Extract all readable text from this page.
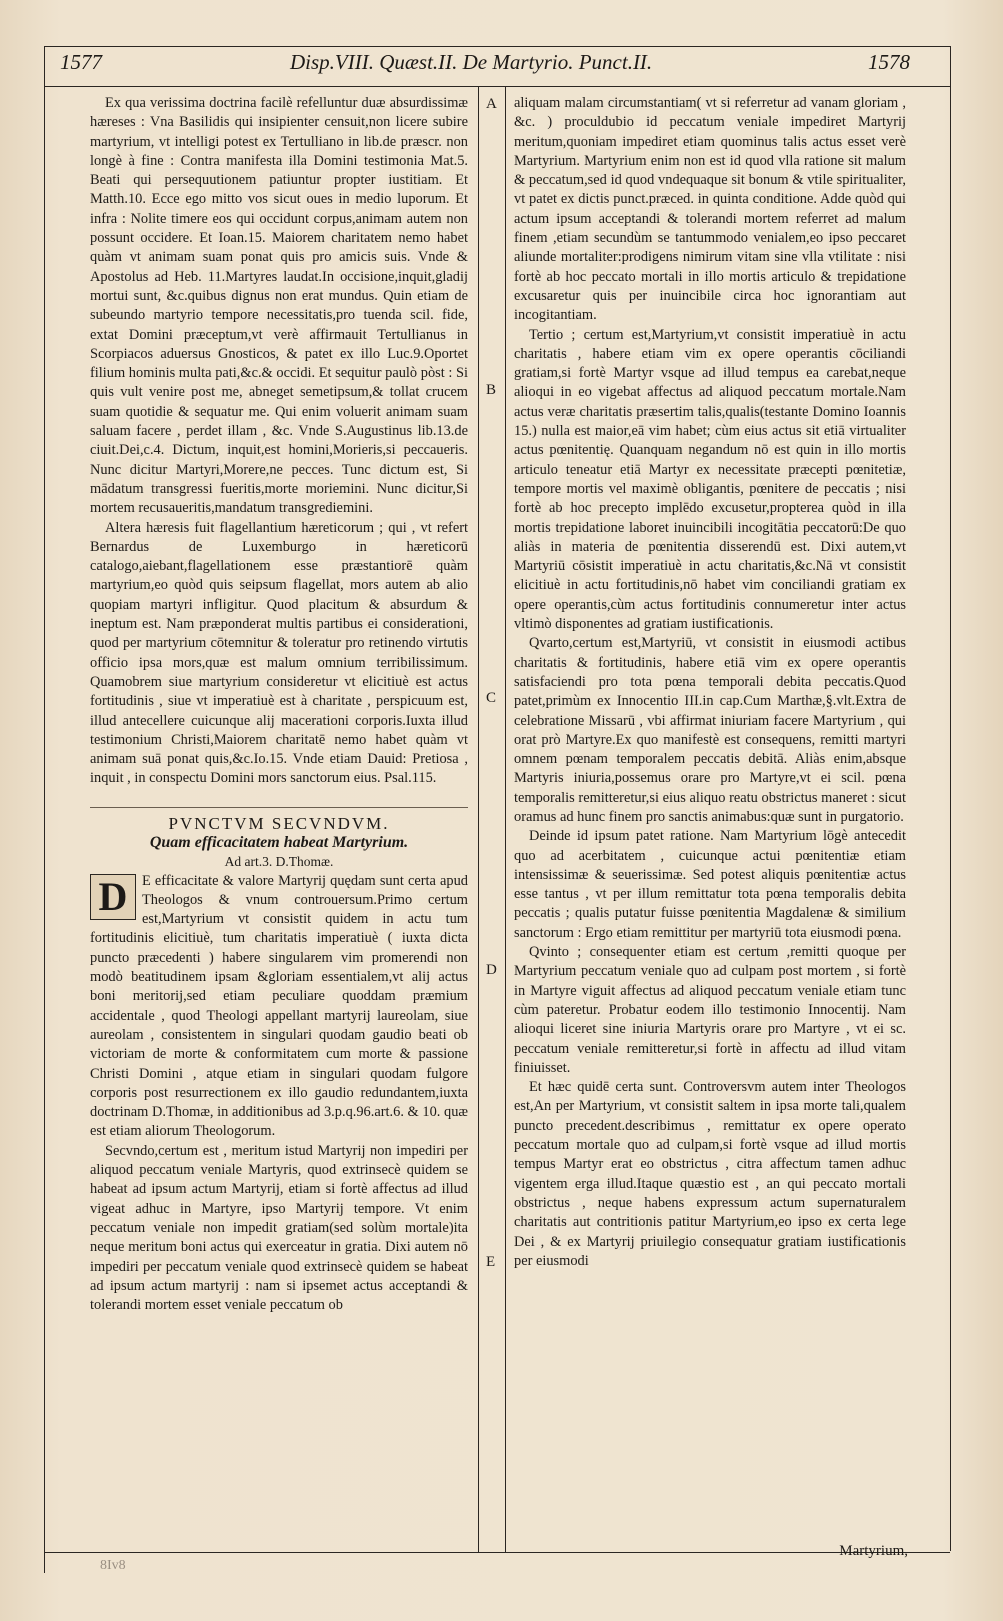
1577	Disp.VIII. Quæst.II. De Martyrio. Punct.II.	1578
A
B
C
D
E

Ex qua verissima doctrina facilè refelluntur duæ absurdissimæ hæreses : Vna Basilidis qui insipienter censuit,non licere subire martyrium, vt intelligi potest ex Tertulliano in lib.de præscr. non longè à fine : Contra manifesta illa Domini testimonia Mat.5. Beati qui persequutionem patiuntur propter iustitiam. Et Matth.10. Ecce ego mitto vos sicut oues in medio luporum. Et infra : Nolite timere eos qui occidunt corpus,animam autem non possunt occidere. Et Ioan.15. Maiorem charitatem nemo habet quàm vt animam suam ponat quis pro amicis suis. Vnde & Apostolus ad Heb. 11.Martyres laudat.In occisione,inquit,gladij mortui sunt, &c.quibus dignus non erat mundus. Quin etiam de subeundo martyrio tempore necessitatis,pro tuenda scil. fide, extat Domini præceptum,vt verè affirmauit Tertullianus in Scorpiacos aduersus Gnosticos, & patet ex illo Luc.9.Oportet filium hominis multa pati,&c.& occidi. Et sequitur paulò pòst : Si quis vult venire post me, abneget semetipsum,& tollat crucem suam quotidie & sequatur me. Qui enim voluerit animam suam saluam facere , perdet illam , &c. Vnde S.Augustinus lib.13.de ciuit.Dei,c.4. Dictum, inquit,est homini,Morieris,si peccaueris. Nunc dicitur Martyri,Morere,ne pecces. Tunc dictum est, Si mādatum transgressi fueritis,morte moriemini. Nunc dicitur,Si mortem recusaueritis,mandatum transgrediemini.

Altera hæresis fuit flagellantium hæreticorum ; qui , vt refert Bernardus de Luxemburgo in hæreticorū catalogo,aiebant,flagellationem esse præstantiorē quàm martyrium,eo quòd quis seipsum flagellat, mors autem ab alio quopiam martyri infligitur. Quod placitum & absurdum & ineptum est. Nam præponderat multis partibus ei considerationi, quod per martyrium cōtemnitur & toleratur pro retinendo virtutis officio ipsa mors,quæ est malum omnium terribilissimum. Quamobrem siue martyrium consideretur vt elicitiuè est actus fortitudinis , siue vt imperatiuè est à charitate , perspicuum est, illud antecellere cuicunque alij macerationi corporis.Iuxta illud testimonium Christi,Maiorem charitatē nemo habet quàm vt animam suā ponat quis,&c.Io.15. Vnde etiam Dauid: Pretiosa , inquit , in conspectu Domini mors sanctorum eius. Psal.115.

PVNCTVM SECVNDVM.

Quam efficacitatem habeat Martyrium.

Ad art.3. D.Thomæ.

D	E efficacitate & valore Martyrij quędam sunt certa apud Theologos & vnum controuersum.Primo certum est,Martyrium vt consistit quidem in actu tum fortitudinis elicitiuè, tum charitatis imperatiuè ( iuxta dicta puncto præcedenti ) habere singularem vim promerendi non modò beatitudinem ipsam &gloriam essentialem,vt alij actus boni meritorij,sed etiam peculiare quoddam præmium accidentale , quod Theologi appellant martyrij laureolam, siue aureolam , consistentem in singulari quodam gaudio beati ob victoriam de morte & conformitatem cum morte & passione Christi Domini , atque etiam in singulari quodam fulgore corporis post resurrectionem ex illo gaudio redundantem,iuxta doctrinam D.Thomæ, in additionibus ad 3.p.q.96.art.6. & 10. quæ est etiam aliorum Theologorum.

Secvndo,certum est , meritum istud Martyrij non impediri per aliquod peccatum veniale Martyris, quod extrinsecè quidem se habeat ad ipsum actum Martyrij, etiam si fortè affectus ad illud vigeat adhuc in Martyre, ipso Martyrij tempore. Vt enim peccatum veniale non impedit gratiam(sed solùm mortale)ita neque meritum boni actus qui exerceatur in gratia. Dixi autem nō impediri per peccatum veniale quod extrinsecè quidem se habeat ad ipsum actum martyrij : nam si ipsemet actus acceptandi & tolerandi mortem esset veniale peccatum ob

aliquam malam circumstantiam( vt si referretur ad vanam gloriam , &c. ) proculdubio id peccatum veniale impediret Martyrij meritum,quoniam impediret etiam quominus talis actus esset verè Martyrium. Martyrium enim non est id quod vlla ratione sit malum & peccatum,sed id quod vndequaque sit bonum & vtile spiritualiter, vt patet ex dictis punct.præced. in quinta conditione. Adde quòd qui actum ipsum acceptandi & tolerandi mortem referret ad malum finem ,etiam secundùm se tantummodo venialem,eo ipso peccaret aliunde mortaliter:prodigens nimirum vitam sine vlla vtilitate : nisi fortè ab hoc peccato mortali in illo mortis articulo & trepidatione excusaretur quis per inuincibile circa hoc ignorantiam aut incogitantiam.

Tertio ; certum est,Martyrium,vt consistit imperatiuè in actu charitatis , habere etiam vim ex opere operantis cōciliandi gratiam,si fortè Martyr vsque ad illud tempus ea carebat,neque alioqui in eo vigebat affectus ad aliquod peccatum mortale.Nam actus veræ charitatis præsertim talis,qualis(testante Domino Ioannis 15.) nulla est maior,eā vim habet; cùm eius actus sit etiā virtualiter actus pœnitentię. Quanquam negandum nō est quin in illo mortis articulo teneatur etiā Martyr ex necessitate præcepti pœnitetiæ, tempore mortis vel maximè obligantis, pœnitere de peccatis ; nisi fortè ab hoc precepto implēdo excusetur,propterea quòd in illa mortis trepidatione laboret inuincibili incogitātia peccatorū:De quo aliàs in materia de pœnitentia disserendū est. Dixi autem,vt Martyriū cōsistit imperatiuè in actu charitatis,&c.Nā vt consistit elicitiuè in actu fortitudinis,nō habet vim conciliandi gratiam ex opere operantis,cùm actus fortitudinis connumeretur inter actus vltimò disponentes ad gratiam iustificationis.

Qvarto,certum est,Martyriū, vt consistit in eiusmodi actibus charitatis & fortitudinis, habere etiā vim ex opere operantis satisfaciendi pro tota pœna temporali debita peccatis.Quod patet,primùm ex Innocentio III.in cap.Cum Marthæ,§.vlt.Extra de celebratione Missarū , vbi affirmat iniuriam facere Martyrium , qui orat prò Martyre.Ex quo manifestè est consequens, remitti martyri omnem pœnam temporalem peccatis debitā. Aliàs enim,absque Martyris iniuria,possemus orare pro Martyre,vt ei scil. pœna temporalis remitteretur,si eius aliquo reatu obstrictus maneret : sicut oramus ad hunc finem pro sanctis animabus:quæ sunt in purgatorio.

Deinde id ipsum patet ratione. Nam Martyrium lōgè antecedit quo ad acerbitatem , cuicunque actui pœnitentiæ etiam intensissimæ & seuerissimæ. Sed potest aliquis pœnitentiæ actus esse tantus , vt per illum remittatur tota pœna temporalis debita peccatis ; qualis putatur fuisse pœnitentia Magdalenæ & similium sanctorum : Ergo etiam remittitur per martyriū tota eiusmodi pœna.

Qvinto ; consequenter etiam est certum ,remitti quoque per Martyrium peccatum veniale quo ad culpam post mortem , si fortè in Martyre viguit affectus ad aliquod peccatum veniale etiam tunc cùm pateretur. Probatur eodem illo testimonio Innocentij. Nam alioqui liceret sine iniuria Martyris orare pro Martyre , vt ei sc. peccatum veniale remitteretur,si fortè in affectu ad illud vitam finiuisset.

Et hæc quidē certa sunt. Controversvm autem inter Theologos est,An per Martyrium, vt consistit saltem in ipsa morte tali,qualem puncto precedent.describimus , remittatur ex opere operato peccatum mortale quo ad culpam,si fortè vsque ad illud mortis tempus Martyr erat eo obstrictus , citra affectum tamen adhuc vigentem erga illud.Itaque quæstio est , an qui peccato mortali obstrictus , neque habens expressum actum supernaturalem charitatis aut contritionis patitur Martyrium,eo ipso ex certa lege Dei , & ex Martyrij priuilegio consequatur gratiam iustificationis per eiusmodi

8Iv8
Martyrium,
